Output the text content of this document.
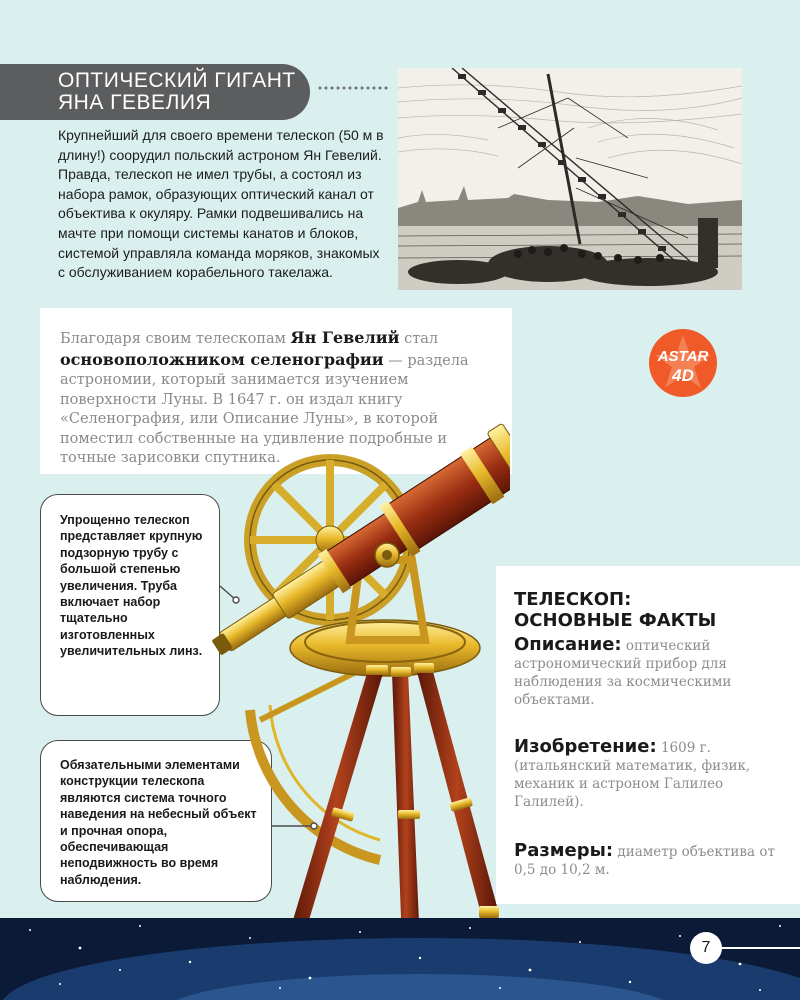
ОПТИЧЕСКИЙ ГИГАНТ
ЯНА ГЕВЕЛИЯ

Крупнейший для своего времени телескоп (50 м в длину!) соорудил польский астроном Ян Гевелий. Правда, телескоп не имел трубы, а состоял из набора рамок, образующих оптический канал от объектива к окуляру. Рамки подвешивались на мачте при помощи системы канатов и блоков, системой управляла команда моряков, знакомых с обслуживанием корабельного такелажа.

Благодаря своим телескопам Ян Гевелий стал основоположником селенографии — раздела астрономии, который занимается изучением поверхности Луны. В 1647 г. он издал книгу «Селенография, или Описание Луны», в которой поместил собственные на удивление подробные и точные зарисовки спутника.

ASTAR
4D

Упрощенно телескоп представляет крупную подзорную трубу с большой степенью увеличения. Труба включает набор тщательно изготовленных увеличительных линз.

Обязательными элементами конструкции телескопа являются система точного наведения на небесный объект и прочная опора, обеспечивающая неподвижность во время наблюдения.

ТЕЛЕСКОП:
ОСНОВНЫЕ ФАКТЫ

Описание: оптический астрономический прибор для наблюдения за космическими объектами.

Изобретение: 1609 г. (итальянский математик, физик, механик и астроном Галилео Галилей).

Размеры: диаметр объектива от 0,5 до 10,2 м.

7
